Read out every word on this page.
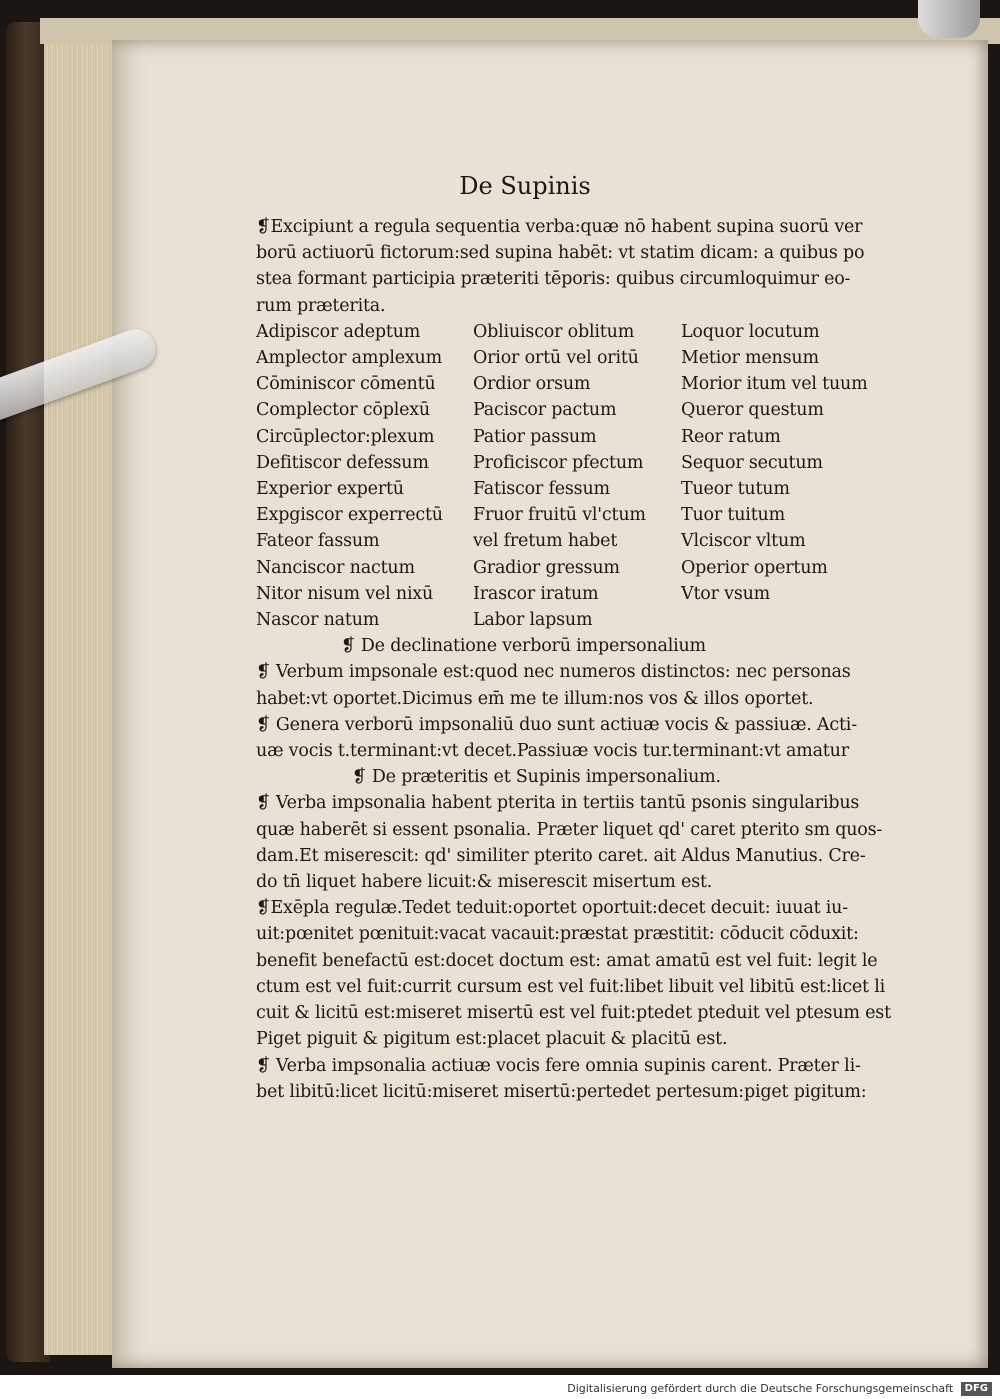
De Supinis

❡Excipiunt a regula sequentia verba:quæ nō habent supina suorū ver

borū actiuorū fictorum:sed supina habēt: vt statim dicam: a quibus po

stea formant participia præteriti tēporis: quibus circumloquimur eo-

rum præterita.

Adipiscor adeptum
Amplector amplexum
Cōminiscor cōmentū
Complector cōplexū
Circūplector:plexum
Defitiscor defessum
Experior expertū
Expgiscor experrectū
Fateor fassum
Nanciscor nactum
Nitor nisum vel nixū
Nascor natum
Obliuiscor oblitum
Orior ortū vel oritū
Ordior orsum
Paciscor pactum
Patior passum
Proficiscor pfectum
Fatiscor fessum
Fruor fruitū vl'ctum
vel fretum habet
Gradior gressum
Irascor iratum
Labor lapsum
Loquor locutum
Metior mensum
Morior itum vel tuum
Queror questum
Reor ratum
Sequor secutum
Tueor tutum
Tuor tuitum
Vlciscor vltum
Operior opertum
Vtor vsum

❡ De declinatione verborū impersonalium

❡ Verbum impsonale est:quod nec numeros distinctos: nec personas

habet:vt oportet.Dicimus em̄ me te illum:nos vos & illos oportet.

❡ Genera verborū impsonaliū duo sunt actiuæ vocis & passiuæ. Acti-

uæ vocis t.terminant:vt decet.Passiuæ vocis tur.terminant:vt amatur

❡ De præteritis et Supinis impersonalium.

❡ Verba impsonalia habent pterita in tertiis tantū psonis singularibus

quæ haberēt si essent psonalia. Præter liquet qd' caret pterito sm quos-

dam.Et miserescit: qd' similiter pterito caret. ait Aldus Manutius. Cre-

do tn̄ liquet habere licuit:& miserescit misertum est.

❡Exēpla regulæ.Tedet teduit:oportet oportuit:decet decuit: iuuat iu-

uit:pœnitet pœnituit:vacat vacauit:præstat præstitit: cōducit cōduxit:

benefit benefactū est:docet doctum est: amat amatū est vel fuit: legit le

ctum est vel fuit:currit cursum est vel fuit:libet libuit vel libitū est:licet li

cuit & licitū est:miseret misertū est vel fuit:ptedet pteduit vel ptesum est

Piget piguit & pigitum est:placet placuit & placitū est.

❡ Verba impsonalia actiuæ vocis fere omnia supinis carent. Præter li-

bet libitū:licet licitū:miseret misertū:pertedet pertesum:piget pigitum:

Digitalisierung gefördert durch die Deutsche Forschungsgemeinschaft DFG
